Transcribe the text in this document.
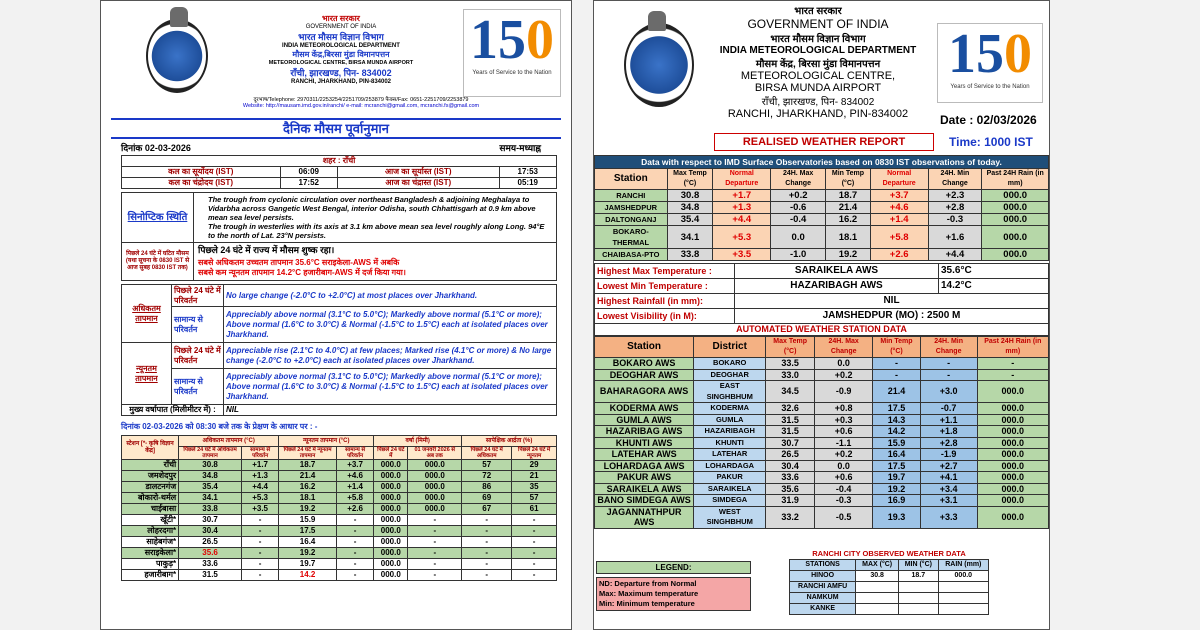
भारत सरकार
GOVERNMENT OF INDIA
भारत मौसम विज्ञान विभाग
INDIA METEOROLOGICAL DEPARTMENT
मौसम केंद्र,बिरसा मुंडा विमानपत्तन
METEOROLOGICAL CENTRE, BIRSA MUNDA AIRPORT
राँची, झारखण्ड, पिन- 834002
RANCHI, JHARKHAND, PIN-834002
150
Years of Service to the Nation
दूरभाष/Telephone: 29703​11/2253254/2251709/253879 फैक्स/Fax: 0651-2251709/2253879
Website: http://mausam.imd.gov.in/ranchi/ e-mail: mcranchi@gmail.com, mcranchi.fs@gmail.com
दैनिक मौसम पूर्वानुमान
दिनांक 02-03-2026	समय-मध्याह्न
शहर : राँची			
कल का सूर्योदय (IST)	06:09	आज का सूर्यास्त (IST)	17:53
कल का चंद्रोदय (IST)	17:52	आज का चंद्रास्त (IST)	05:19
सिनोप्टिक स्थिति	The trough from cyclonic circulation over northeast Bangladesh & adjoining Meghalaya to Vidarbha across Gangetic West Bengal, interior Odisha, south Chhattisgarh at 0.9 km above mean sea level persists.
The trough in westerlies with its axis at 3.1 km above mean sea level roughly along Long. 94°E to the north of Lat. 23°N persists.

पिछले 24 घंटे में घटित मौसम (यथा सूचना के 0830 IST से आज सुबह 0830 IST तक)	पिछले 24 घंटे में राज्य में मौसम शुष्क रहा।
सबसे अधिकतम उच्चतम तापमान 35.6°C सराइकेला-AWS में अबकि
सबसे कम न्यूनतम तापमान 14.2°C हजारीबाग-AWS में दर्ज किया गया।
अधिकतम तापमान	पिछले 24 घंटे में परिवर्तन	No large change (-2.0°C to +2.0°C) at most places over Jharkhand.
	सामान्य से परिवर्तन	Appreciably above normal (3.1°C to 5.0°C); Markedly above normal (5.1°C or more); Above normal (1.6°C to 3.0°C) & Normal (-1.5°C to 1.5°C) each at isolated places over Jharkhand.
न्यूनतम तापमान	पिछले 24 घंटे में परिवर्तन	Appreciable rise (2.1°C to 4.0°C) at few places; Marked rise (4.1°C or more) & No large change (-2.0°C to +2.0°C) each at isolated places over Jharkhand.
	सामान्य से परिवर्तन	Appreciably above normal (3.1°C to 5.0°C); Markedly above normal (5.1°C or more); Above normal (1.6°C to 3.0°C) & Normal (-1.5°C to 1.5°C) each at isolated places over Jharkhand.
मुख्य वर्षापात (मिलीमीटर में) :		NIL
दिनांक 02-03-2026 को 08:30 बजे तक के प्रेक्षण के आधार पर : -
स्टेशन [*- कृषि विज्ञान केंद्र]	अधिकतम तापमान (°C)		न्यूनतम तापमान (°C)		वर्षा (मिमी)		सापेक्षिक आर्द्रता (%)	
	पिछले 24 घंटे में अधिकतम तापमान	सामान्य से परिवर्तन	पिछले 24 घंटे में न्यूनतम तापमान	सामान्य से परिवर्तन	पिछले 24 घंटे में	01 जनवरी 2026 से अब तक	पिछले 24 घंटे में अधिकतम	पिछले 24 घंटे में न्यूनतम
राँची	30.8	+1.7	18.7	+3.7	000.0	000.0	57	29
जमशेदपुर	34.8	+1.3	21.4	+4.6	000.0	000.0	72	21
डालटनगंज	35.4	+4.4	16.2	+1.4	000.0	000.0	86	35
बोकारो-थर्मल	34.1	+5.3	18.1	+5.8	000.0	000.0	69	57
चाईबासा	33.8	+3.5	19.2	+2.6	000.0	000.0	67	61
खूँटी*	30.7	-	15.9	-	000.0	-	-	-
लोहरदगा*	30.4	-	17.5	-	000.0	-	-	-
साहेबगंज*	26.5	-	16.4	-	000.0	-	-	-
सराइकेला*	35.6	-	19.2	-	000.0	-	-	-
पाकुड़*	33.6	-	19.7	-	000.0	-	-	-
हजारीबाग*	31.5	-	14.2	-	000.0	-	-	-
भारत सरकार
GOVERNMENT OF INDIA
भारत मौसम विज्ञान विभाग
INDIA METEOROLOGICAL DEPARTMENT
मौसम केंद्र, बिरसा मुंडा विमानपत्तन
METEOROLOGICAL CENTRE,
BIRSA MUNDA AIRPORT
राँची, झारखण्ड, पिन- 834002
RANCHI, JHARKHAND, PIN-834002
150
Years of Service to the Nation
Date : 02/03/2026
REALISED WEATHER REPORT	Time: 1000 IST
Data with respect to IMD Surface Observatories based on 0830 IST observations of today.							
Station	Max Temp (°C)	Normal Departure	24H. Max Change	Min Temp (°C)	Normal Departure	24H. Min Change	Past 24H Rain (in mm)
RANCHI	30.8	+1.7	+0.2	18.7	+3.7	+2.3	000.0
JAMSHEDPUR	34.8	+1.3	-0.6	21.4	+4.6	+2.8	000.0
DALTONGANJ	35.4	+4.4	-0.4	16.2	+1.4	-0.3	000.0
BOKARO-THERMAL	34.1	+5.3	0.0	18.1	+5.8	+1.6	000.0
CHAIBASA-PTO	33.8	+3.5	-1.0	19.2	+2.6	+4.4	000.0
Highest Max Temperature :	SARAIKELA AWS	35.6°C
Lowest Min Temperature :	HAZARIBAGH AWS	14.2°C
Highest Rainfall (in mm):	NIL	
Lowest Visibility (in M):	JAMSHEDPUR (MO) : 2500 M	
AUTOMATED WEATHER STATION DATA
Station	District	Max Temp (°C)	24H. Max Change	Min Temp (°C)	24H. Min Change	Past 24H Rain (in mm)
BOKARO AWS	BOKARO	33.5	0.0	-	-	-
DEOGHAR AWS	DEOGHAR	33.0	+0.2	-	-	-
BAHARAGORA AWS	EAST SINGHBHUM	34.5	-0.9	21.4	+3.0	000.0
KODERMA AWS	KODERMA	32.6	+0.8	17.5	-0.7	000.0
GUMLA AWS	GUMLA	31.5	+0.3	14.3	+1.1	000.0
HAZARIBAG AWS	HAZARIBAGH	31.5	+0.6	14.2	+1.8	000.0
KHUNTI AWS	KHUNTI	30.7	-1.1	15.9	+2.8	000.0
LATEHAR AWS	LATEHAR	26.5	+0.2	16.4	-1.9	000.0
LOHARDAGA AWS	LOHARDAGA	30.4	0.0	17.5	+2.7	000.0
PAKUR AWS	PAKUR	33.6	+0.6	19.7	+4.1	000.0
SARAIKELA AWS	SARAIKELA	35.6	-0.4	19.2	+3.4	000.0
BANO SIMDEGA AWS	SIMDEGA	31.9	-0.3	16.9	+3.1	000.0
JAGANNATHPUR AWS	WEST SINGHBHUM	33.2	-0.5	19.3	+3.3	000.0
LEGEND:
ND: Departure from Normal
Max: Maximum temperature
Min: Minimum temperature
RANCHI CITY OBSERVED WEATHER DATA
STATIONS	MAX (°C)	MIN (°C)	RAIN (mm)
HINOO	30.8	18.7	000.0
RANCHI AMFU			
NAMKUM			
KANKE			
